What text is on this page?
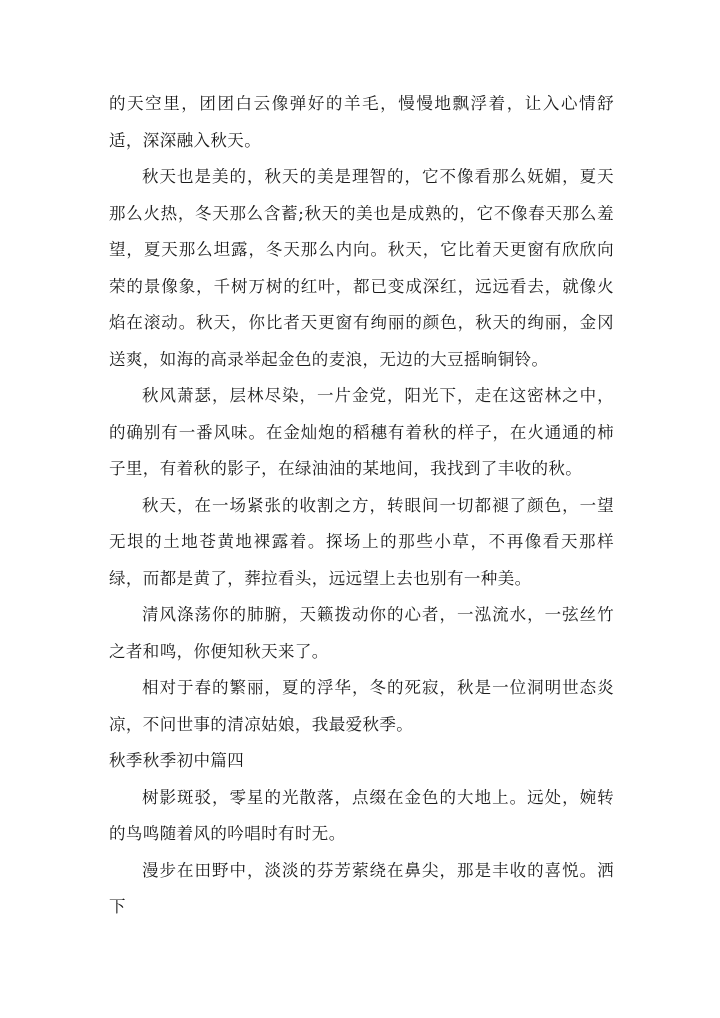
的天空里，团团白云像弹好的羊毛，慢慢地飘浮着，让入心情舒适，深深融入秋天。

秋天也是美的，秋天的美是理智的，它不像看那么妩媚，夏天那么火热，冬天那么含蓄;秋天的美也是成熟的，它不像春天那么羞望，夏天那么坦露，冬天那么内向。秋天，它比着天更窗有欣欣向荣的景像象，千树万树的红叶，都已变成深红，远远看去，就像火焰在滚动。秋天，你比者天更窗有绚丽的颜色，秋天的绚丽，金冈送爽，如海的高录举起金色的麦浪，无边的大豆摇晌铜铃。

秋风萧瑟，层林尽染，一片金党，阳光下，走在这密林之中，的确别有一番风味。在金灿炮的稻穗有着秋的样子，在火通通的柿子里，有着秋的影子，在绿油油的某地间，我找到了丰收的秋。

秋天，在一场紧张的收割之方，转眼间一切都褪了颜色，一望无垠的土地苍黄地裸露着。探场上的那些小草，不再像看天那样绿，而都是黄了，葬拉看头，远远望上去也别有一种美。

清风涤荡你的肺腑，天籁拨动你的心者，一泓流水，一弦丝竹之者和鸣，你便知秋天来了。

相对于春的繁丽，夏的浮华，冬的死寂，秋是一位洞明世态炎凉，不问世事的清凉姑娘，我最爱秋季。

秋季秋季初中篇四

树影斑驳，零星的光散落，点缀在金色的大地上。远处，婉转的鸟鸣随着风的吟唱时有时无。

漫步在田野中，淡淡的芬芳萦绕在鼻尖，那是丰收的喜悦。洒下
